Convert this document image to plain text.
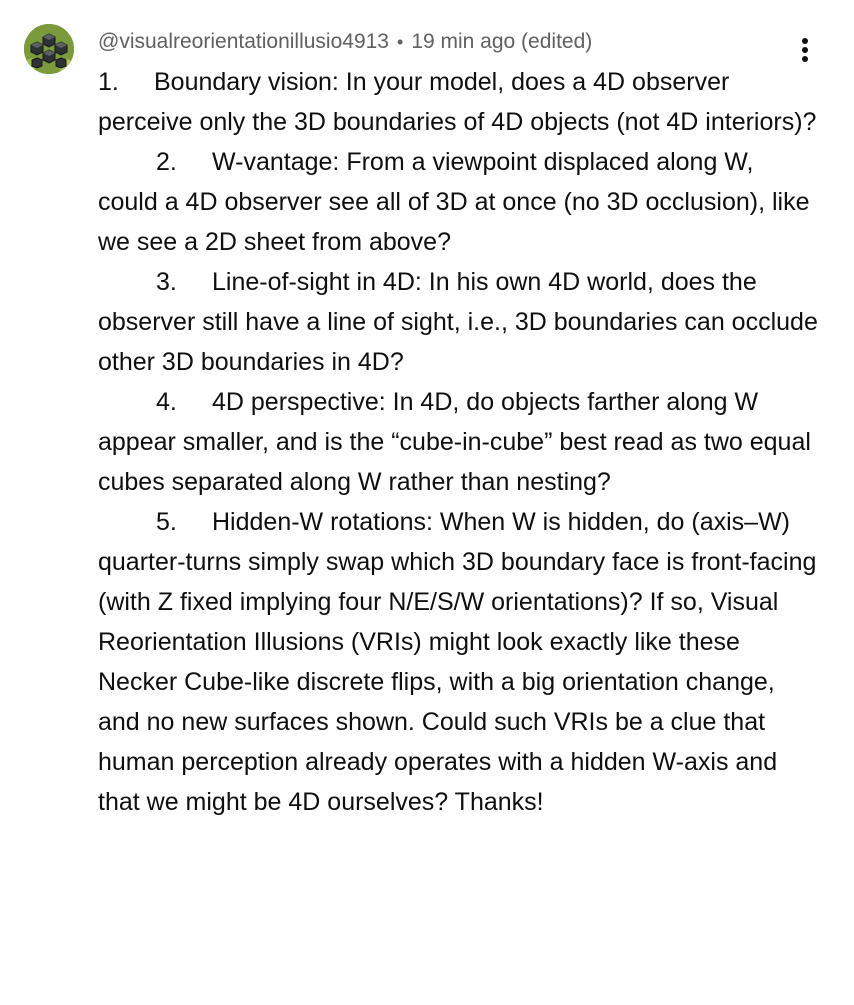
@visualreorientationillusio4913 • 19 min ago (edited)

1. Boundary vision: In your model, does a 4D observer perceive only the 3D boundaries of 4D objects (not 4D interiors)?

2. W-vantage: From a viewpoint displaced along W, could a 4D observer see all of 3D at once (no 3D occlusion), like we see a 2D sheet from above?

3. Line-of-sight in 4D: In his own 4D world, does the observer still have a line of sight, i.e., 3D boundaries can occlude other 3D boundaries in 4D?

4. 4D perspective: In 4D, do objects farther along W appear smaller, and is the “cube-in-cube” best read as two equal cubes separated along W rather than nesting?

5. Hidden-W rotations: When W is hidden, do (axis–W) quarter-turns simply swap which 3D boundary face is front-facing (with Z fixed implying four N/E/S/W orientations)? If so, Visual Reorientation Illusions (VRIs) might look exactly like these Necker Cube-like discrete flips, with a big orientation change, and no new surfaces shown. Could such VRIs be a clue that human perception already operates with a hidden W-axis and that we might be 4D ourselves? Thanks!
